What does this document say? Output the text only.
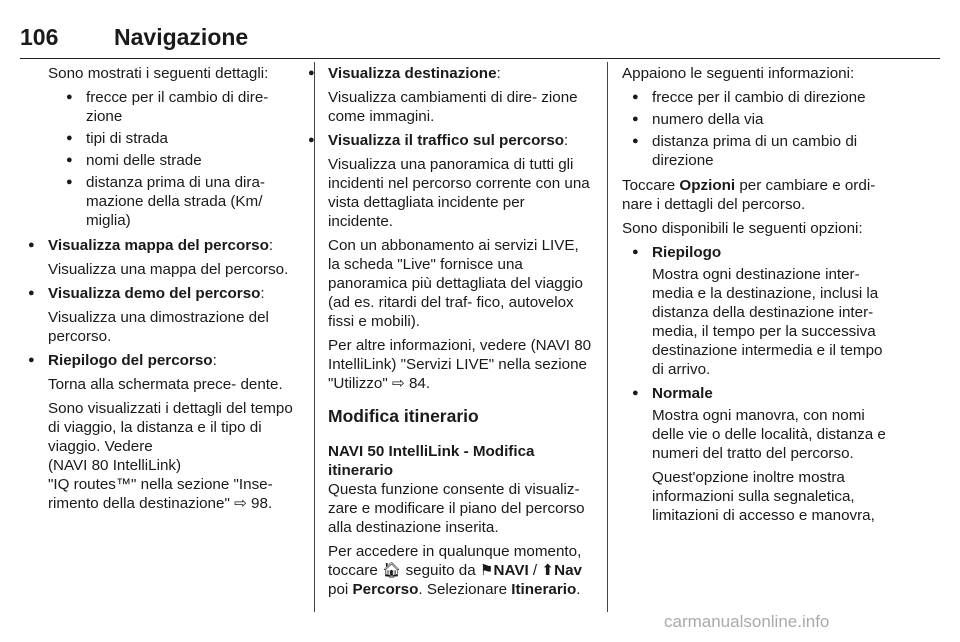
106 Navigazione

Sono mostrati i seguenti dettagli:

● frecce per il cambio di dire- zione
● tipi di strada
● nomi delle strade
● distanza prima di una dira- mazione della strada (Km/ miglia)
● Visualizza mappa del percorso:

Visualizza una mappa del percorso.

● Visualizza demo del percorso:

Visualizza una dimostrazione del percorso.

● Riepilogo del percorso:

Torna alla schermata prece- dente.

Sono visualizzati i dettagli del tempo di viaggio, la distanza e il tipo di viaggio. Vedere

(NAVI 80 IntelliLink)

"IQ routes™" nella sezione "Inse- rimento della destinazione" ⇨ 98.

● Visualizza destinazione:

Visualizza cambiamenti di dire- zione come immagini.

● Visualizza il traffico sul percorso:

Visualizza una panoramica di tutti gli incidenti nel percorso corrente con una vista dettagliata incidente per incidente.

Con un abbonamento ai servizi LIVE, la scheda "Live" fornisce una panoramica più dettagliata del viaggio (ad es. ritardi del traf- fico, autovelox fissi e mobili).

Per altre informazioni, vedere (NAVI 80 IntelliLink) "Servizi LIVE" nella sezione "Utilizzo" ⇨ 84.

Modifica itinerario

NAVI 50 IntelliLink - Modifica itinerario

Questa funzione consente di visualiz- zare e modificare il piano del percorso alla destinazione inserita.

Per accedere in qualunque momento, toccare 🏠︎ seguito da ⚑NAVI / ⬆Nav poi Percorso. Selezionare Itinerario.

Appaiono le seguenti informazioni:

● frecce per il cambio di direzione
● numero della via
● distanza prima di un cambio di direzione

Toccare Opzioni per cambiare e ordi- nare i dettagli del percorso.

Sono disponibili le seguenti opzioni:

● Riepilogo

Mostra ogni destinazione inter- media e la destinazione, inclusi la distanza della destinazione inter- media, il tempo per la successiva destinazione intermedia e il tempo di arrivo.

● Normale

Mostra ogni manovra, con nomi delle vie o delle località, distanza e numeri del tratto del percorso.

Quest'opzione inoltre mostra informazioni sulla segnaletica, limitazioni di accesso e manovra,

carmanualsonline.info
